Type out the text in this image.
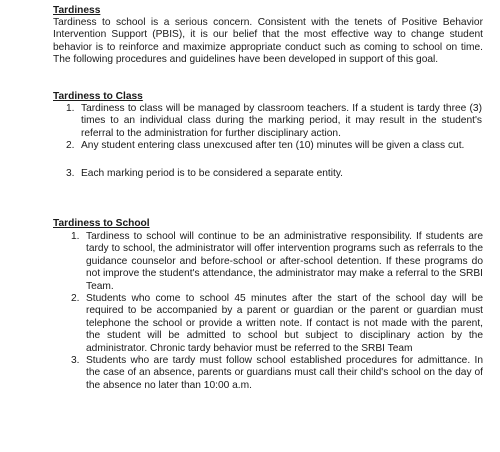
Tardiness

Tardiness to school is a serious concern. Consistent with the tenets of Positive Behavior Intervention Support (PBIS), it is our belief that the most effective way to change student behavior is to reinforce and maximize appropriate conduct such as coming to school on time. The following procedures and guidelines have been developed in support of this goal.

Tardiness to Class
1. Tardiness to class will be managed by classroom teachers. If a student is tardy three (3) times to an individual class during the marking period, it may result in the student's referral to the administration for further disciplinary action.
2. Any student entering class unexcused after ten (10) minutes will be given a class cut.
3. Each marking period is to be considered a separate entity.
Tardiness to School
1. Tardiness to school will continue to be an administrative responsibility. If students are tardy to school, the administrator will offer intervention programs such as referrals to the guidance counselor and before-school or after-school detention. If these programs do not improve the student's attendance, the administrator may make a referral to the SRBI Team.
2. Students who come to school 45 minutes after the start of the school day will be required to be accompanied by a parent or guardian or the parent or guardian must telephone the school or provide a written note. If contact is not made with the parent, the student will be admitted to school but subject to disciplinary action by the administrator. Chronic tardy behavior must be referred to the SRBI Team
3. Students who are tardy must follow school established procedures for admittance. In the case of an absence, parents or guardians must call their child's school on the day of the absence no later than 10:00 a.m.
